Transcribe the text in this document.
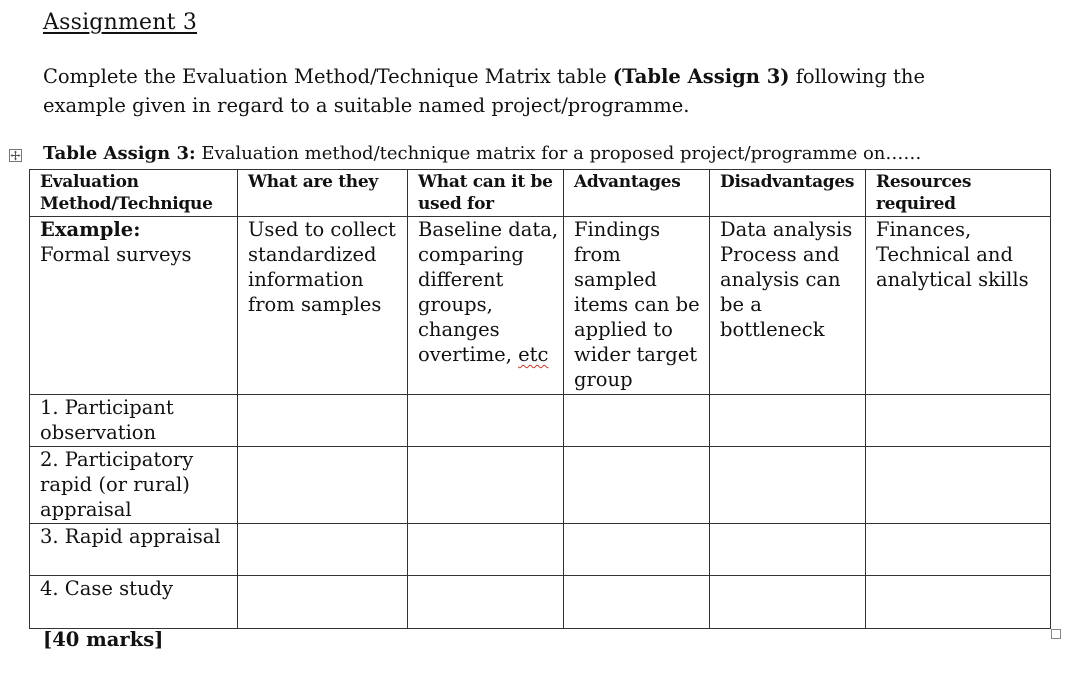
Assignment 3
Complete the Evaluation Method/Technique Matrix table (Table Assign 3) following the example given in regard to a suitable named project/programme.
Table Assign 3: Evaluation method/technique matrix for a proposed project/programme on……
Evaluation Method/Technique	What are they	What can it be used for	Advantages	Disadvantages	Resources required

Example:
Formal surveys	Used to collect standardized information from samples	Baseline data, comparing different groups, changes overtime, etc	Findings from sampled items can be applied to wider target group	Data analysis Process and analysis can be a bottleneck	Finances, Technical and analytical skills
1. Participant observation					
2. Participatory rapid (or rural) appraisal					
3. Rapid appraisal					
4. Case study					
[40 marks]
